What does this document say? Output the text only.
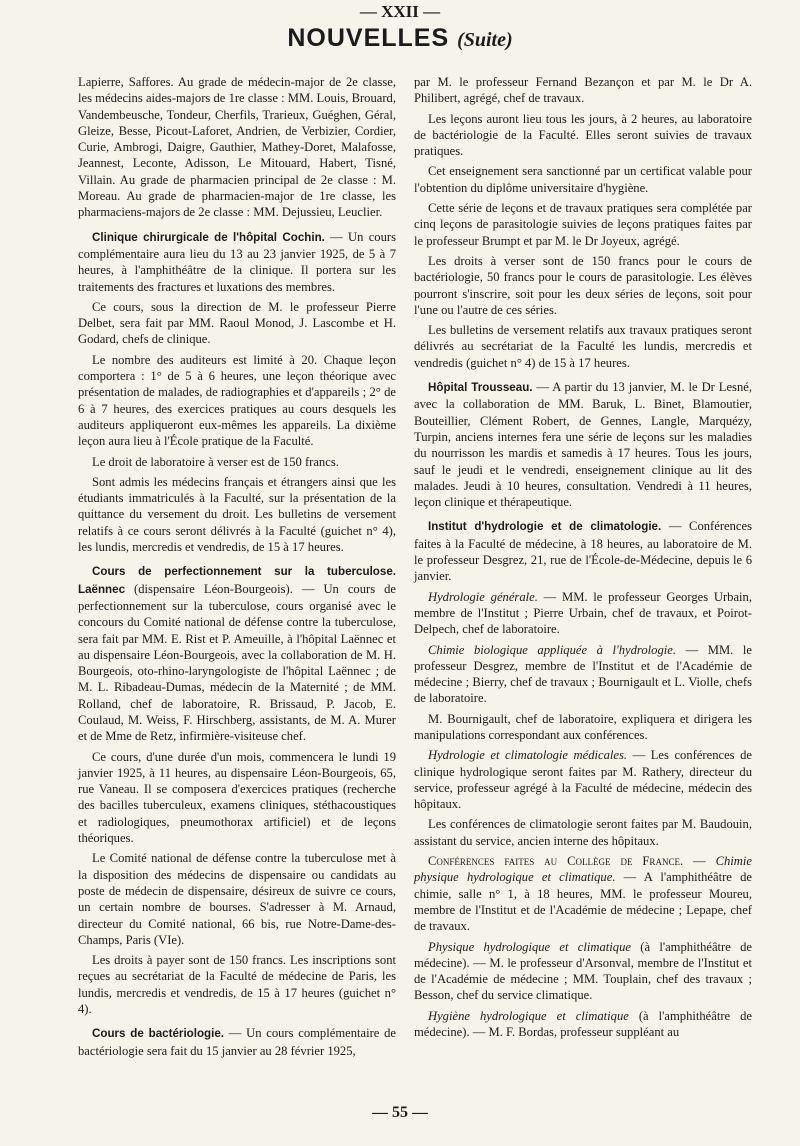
— XXII —
NOUVELLES (Suite)

Lapierre, Saffores. Au grade de médecin-major de 2e classe, les médecins aides-majors de 1re classe : MM. Louis, Brouard, Vandembeusche, Tondeur, Cherfils, Trarieux, Guéghen, Géral, Gleize, Besse, Picout-Laforet, Andrien, de Verbizier, Cordier, Curie, Ambrogi, Daigre, Gauthier, Mathey-Doret, Malafosse, Jeannest, Leconte, Adisson, Le Mitouard, Habert, Tisné, Villain. Au grade de pharmacien principal de 2e classe : M. Moreau. Au grade de pharmacien-major de 1re classe, les pharmaciens-majors de 2e classe : MM. Dejussieu, Leuclier.

Clinique chirurgicale de l'hôpital Cochin. — Un cours complémentaire aura lieu du 13 au 23 janvier 1925, de 5 à 7 heures, à l'amphithéâtre de la clinique. Il portera sur les traitements des fractures et luxations des membres.

Ce cours, sous la direction de M. le professeur Pierre Delbet, sera fait par MM. Raoul Monod, J. Lascombe et H. Godard, chefs de clinique.

Le nombre des auditeurs est limité à 20. Chaque leçon comportera : 1° de 5 à 6 heures, une leçon théorique avec présentation de malades, de radiographies et d'appareils ; 2° de 6 à 7 heures, des exercices pratiques au cours desquels les auditeurs appliqueront eux-mêmes les appareils. La dixième leçon aura lieu à l'École pratique de la Faculté.

Le droit de laboratoire à verser est de 150 francs.

Sont admis les médecins français et étrangers ainsi que les étudiants immatriculés à la Faculté, sur la présentation de la quittance du versement du droit. Les bulletins de versement relatifs à ce cours seront délivrés à la Faculté (guichet n° 4), les lundis, mercredis et vendredis, de 15 à 17 heures.

Cours de perfectionnement sur la tuberculose. Laënnec (dispensaire Léon-Bourgeois). — Un cours de perfectionnement sur la tuberculose, cours organisé avec le concours du Comité national de défense contre la tuberculose, sera fait par MM. E. Rist et P. Ameuille, à l'hôpital Laënnec et au dispensaire Léon-Bourgeois, avec la collaboration de M. H. Bourgeois, oto-rhino-laryngologiste de l'hôpital Laënnec ; de M. L. Ribadeau-Dumas, médecin de la Maternité ; de MM. Rolland, chef de laboratoire, R. Brissaud, P. Jacob, E. Coulaud, M. Weiss, F. Hirschberg, assistants, de M. A. Murer et de Mme de Retz, infirmière-visiteuse chef.

Ce cours, d'une durée d'un mois, commencera le lundi 19 janvier 1925, à 11 heures, au dispensaire Léon-Bourgeois, 65, rue Vaneau. Il se composera d'exercices pratiques (recherche des bacilles tuberculeux, examens cliniques, stéthacoustiques et radiologiques, pneumothorax artificiel) et de leçons théoriques.

Le Comité national de défense contre la tuberculose met à la disposition des médecins de dispensaire ou candidats au poste de médecin de dispensaire, désireux de suivre ce cours, un certain nombre de bourses. S'adresser à M. Arnaud, directeur du Comité national, 66 bis, rue Notre-Dame-des-Champs, Paris (VIe).

Les droits à payer sont de 150 francs. Les inscriptions sont reçues au secrétariat de la Faculté de médecine de Paris, les lundis, mercredis et vendredis, de 15 à 17 heures (guichet n° 4).

Cours de bactériologie. — Un cours complémentaire de bactériologie sera fait du 15 janvier au 28 février 1925,

par M. le professeur Fernand Bezançon et par M. le Dr A. Philibert, agrégé, chef de travaux.

Les leçons auront lieu tous les jours, à 2 heures, au laboratoire de bactériologie de la Faculté. Elles seront suivies de travaux pratiques.

Cet enseignement sera sanctionné par un certificat valable pour l'obtention du diplôme universitaire d'hygiène.

Cette série de leçons et de travaux pratiques sera complétée par cinq leçons de parasitologie suivies de leçons pratiques faites par le professeur Brumpt et par M. le Dr Joyeux, agrégé.

Les droits à verser sont de 150 francs pour le cours de bactériologie, 50 francs pour le cours de parasitologie. Les élèves pourront s'inscrire, soit pour les deux séries de leçons, soit pour l'une ou l'autre de ces séries.

Les bulletins de versement relatifs aux travaux pratiques seront délivrés au secrétariat de la Faculté les lundis, mercredis et vendredis (guichet n° 4) de 15 à 17 heures.

Hôpital Trousseau. — A partir du 13 janvier, M. le Dr Lesné, avec la collaboration de MM. Baruk, L. Binet, Blamoutier, Bouteillier, Clément Robert, de Gennes, Langle, Marquézy, Turpin, anciens internes fera une série de leçons sur les maladies du nourrisson les mardis et samedis à 17 heures. Tous les jours, sauf le jeudi et le vendredi, enseignement clinique au lit des malades. Jeudi à 10 heures, consultation. Vendredi à 11 heures, leçon clinique et thérapeutique.

Institut d'hydrologie et de climatologie. — Conférences faites à la Faculté de médecine, à 18 heures, au laboratoire de M. le professeur Desgrez, 21, rue de l'École-de-Médecine, depuis le 6 janvier.

Hydrologie générale. — MM. le professeur Georges Urbain, membre de l'Institut ; Pierre Urbain, chef de travaux, et Poirot-Delpech, chef de laboratoire.

Chimie biologique appliquée à l'hydrologie. — MM. le professeur Desgrez, membre de l'Institut et de l'Académie de médecine ; Bierry, chef de travaux ; Bournigault et L. Violle, chefs de laboratoire.

M. Bournigault, chef de laboratoire, expliquera et dirigera les manipulations correspondant aux conférences.

Hydrologie et climatologie médicales. — Les conférences de clinique hydrologique seront faites par M. Rathery, directeur du service, professeur agrégé à la Faculté de médecine, médecin des hôpitaux.

Les conférences de climatologie seront faites par M. Baudouin, assistant du service, ancien interne des hôpitaux.

Conférences faites au Collège de France. — Chimie physique hydrologique et climatique. — A l'amphithéâtre de chimie, salle n° 1, à 18 heures, MM. le professeur Moureu, membre de l'Institut et de l'Académie de médecine ; Lepape, chef de travaux.

Physique hydrologique et climatique (à l'amphithéâtre de médecine). — M. le professeur d'Arsonval, membre de l'Institut et de l'Académie de médecine ; MM. Touplain, chef des travaux ; Besson, chef du service climatique.

Hygiène hydrologique et climatique (à l'amphithéâtre de médecine). — M. F. Bordas, professeur suppléant au

— 55 —
